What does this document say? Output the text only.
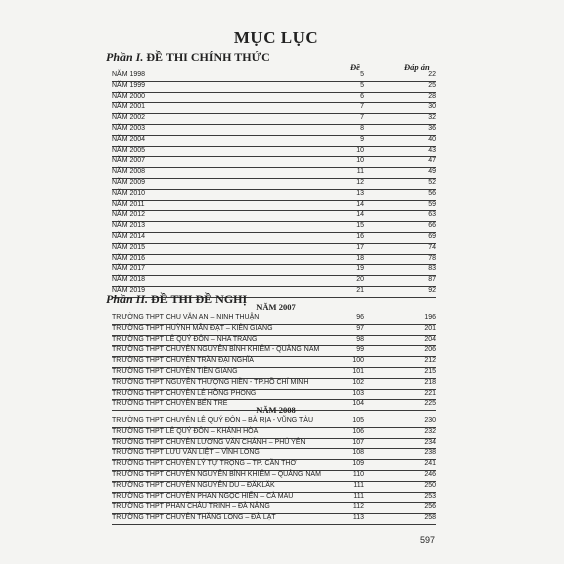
MỤC LỤC
Phần I. ĐỀ THI CHÍNH THỨC
Đề	Đáp án
NĂM 1998	5	22
NĂM 1999	5	25
NĂM 2000	6	28
NĂM 2001	7	30
NĂM 2002	7	32
NĂM 2003	8	36
NĂM 2004	9	40
NĂM 2005	10	43
NĂM 2007	10	47
NĂM 2008	11	49
NĂM 2009	12	52
NĂM 2010	13	56
NĂM 2011	14	59
NĂM 2012	14	63
NĂM 2013	15	66
NĂM 2014	16	69
NĂM 2015	17	74
NĂM 2016	18	78
NĂM 2017	19	83
NĂM 2018	20	87
NĂM 2019	21	92
Phần II. ĐỀ THI ĐỀ NGHỊ
NĂM 2007
TRƯỜNG THPT CHU VĂN AN – NINH THUẬN	96	196
TRƯỜNG THPT HUỲNH MẪN ĐẠT – KIÊN GIANG	97	201
TRƯỜNG THPT LÊ QUÝ ĐÔN – NHA TRANG	98	204
TRƯỜNG THPT CHUYÊN NGUYỄN BỈNH KHIÊM - QUẢNG NAM	99	206
TRƯỜNG THPT CHUYÊN TRẦN ĐẠI NGHĨA	100	212
TRƯỜNG THPT CHUYÊN TIỀN GIANG	101	215
TRƯỜNG THPT NGUYỄN THƯỢNG HIỀN - TP.HỒ CHÍ MINH	102	218
TRƯỜNG THPT CHUYÊN LÊ HỒNG PHONG	103	221
TRƯỜNG THPT CHUYÊN BẾN TRE	104	225
NĂM 2008
TRƯỜNG THPT CHUYÊN LÊ QUÝ ĐÔN – BÀ RỊA - VŨNG TÀU	105	230
TRƯỜNG THPT LÊ QUÝ ĐÔN – KHÁNH HÒA	106	232
TRƯỜNG THPT CHUYÊN LƯƠNG VĂN CHÁNH – PHÚ YÊN	107	234
TRƯỜNG THPT LƯU VĂN LIỆT – VĨNH LONG	108	238
TRƯỜNG THPT CHUYÊN LÝ TỰ TRỌNG – TP. CẦN THƠ	109	241
TRƯỜNG THPT CHUYÊN NGUYỄN BỈNH KHIÊM – QUẢNG NAM	110	246
TRƯỜNG THPT CHUYÊN NGUYỄN DU – ĐĂKLĂK	111	250
TRƯỜNG THPT CHUYÊN PHAN NGỌC HIỂN – CÀ MAU	111	253
TRƯỜNG THPT PHAN CHÂU TRINH – ĐÀ NẴNG	112	256
TRƯỜNG THPT CHUYÊN THĂNG LONG – ĐÀ LẠT	113	258
597
